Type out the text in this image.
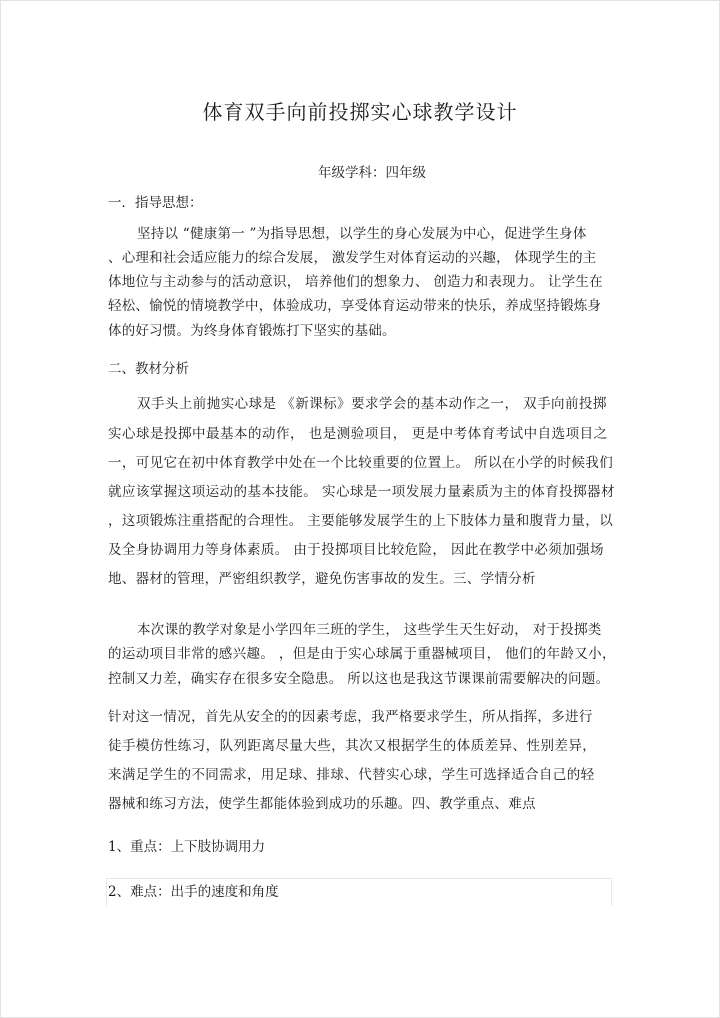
体育双手向前投掷实心球教学设计
年级学科：四年级
一．指导思想：
坚持以 “健康第一 ”为指导思想，以学生的身心发展为中心，促进学生身体
、心理和社会适应能力的综合发展， 激发学生对体育运动的兴趣， 体现学生的主
体地位与主动参与的活动意识， 培养他们的想象力、 创造力和表现力。 让学生在
轻松、愉悦的情境教学中，体验成功，享受体育运动带来的快乐，养成坚持锻炼身
体的好习惯。为终身体育锻炼打下坚实的基础。
二、教材分析
双手头上前抛实心球是 《新课标》要求学会的基本动作之一， 双手向前投掷
实心球是投掷中最基本的动作， 也是测验项目， 更是中考体育考试中自选项目之
一，可见它在初中体育教学中处在一个比较重要的位置上。 所以在小学的时候我们
就应该掌握这项运动的基本技能。 实心球是一项发展力量素质为主的体育投掷器材
，这项锻炼注重搭配的合理性。 主要能够发展学生的上下肢体力量和腹背力量，以
及全身协调用力等身体素质。 由于投掷项目比较危险， 因此在教学中必须加强场
地、器材的管理，严密组织教学，避免伤害事故的发生。三、学情分析
本次课的教学对象是小学四年三班的学生， 这些学生天生好动， 对于投掷类
的运动项目非常的感兴趣。 ，但是由于实心球属于重器械项目， 他们的年龄又小，
控制又力差，确实存在很多安全隐患。 所以这也是我这节课课前需要解决的问题。
针对这一情况，首先从安全的的因素考虑，我严格要求学生，所从指挥，多进行
徒手模仿性练习，队列距离尽量大些，其次又根据学生的体质差异、性别差异，
来满足学生的不同需求，用足球、排球、代替实心球，学生可选择适合自己的轻
器械和练习方法，使学生都能体验到成功的乐趣。四、教学重点、难点
1、重点：上下肢协调用力
2、难点：出手的速度和角度
